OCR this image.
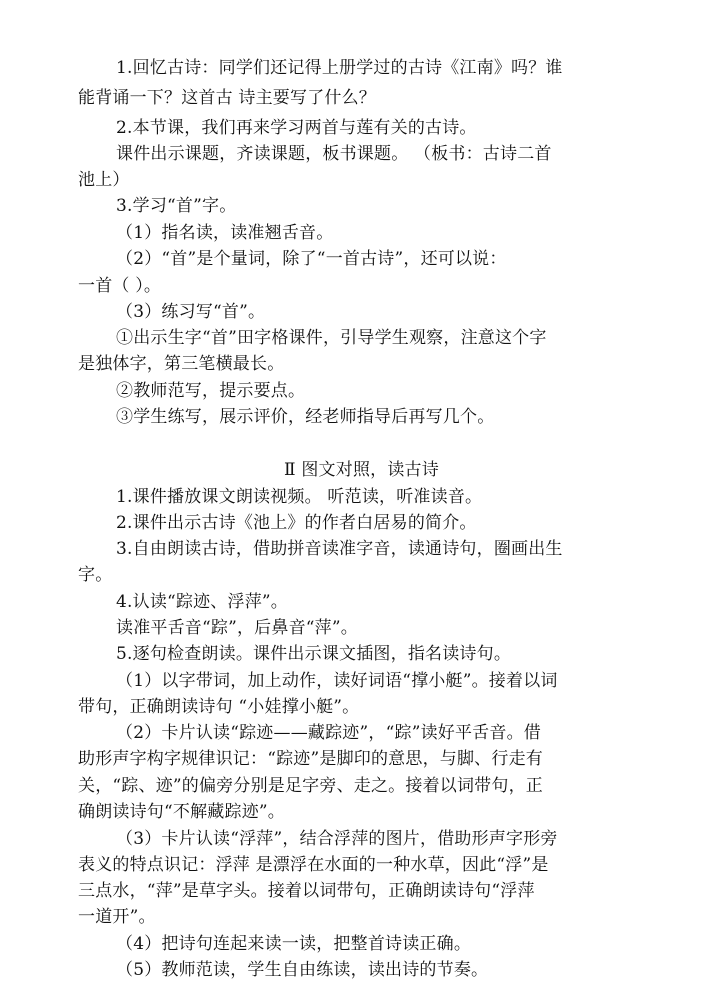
1.回忆古诗：同学们还记得上册学过的古诗《江南》吗？谁
能背诵一下？这首古 诗主要写了什么？
2.本节课，我们再来学习两首与莲有关的古诗。
课件出示课题，齐读课题，板书课题。 （板书：古诗二首
池上）
3.学习“首”字。
（1）指名读，读准翘舌音。
（2）“首”是个量词，除了“一首古诗”，还可以说：
一首（ ）。
（3）练习写“首”。
①出示生字“首”田字格课件，引导学生观察，注意这个字
是独体字，第三笔横最长。
②教师范写，提示要点。
③学生练写，展示评价，经老师指导后再写几个。
Ⅱ 图文对照，读古诗
1.课件播放课文朗读视频。 听范读，听准读音。
2.课件出示古诗《池上》的作者白居易的简介。
3.自由朗读古诗，借助拼音读准字音，读通诗句，圈画出生
字。
4.认读“踪迹、浮萍”。
读准平舌音“踪”，后鼻音“萍”。
5.逐句检查朗读。课件出示课文插图，指名读诗句。
（1）以字带词，加上动作，读好词语“撑小艇”。接着以词
带句，正确朗读诗句 “小娃撑小艇”。
（2）卡片认读“踪迹——藏踪迹”，“踪”读好平舌音。借
助形声字构字规律识记：“踪迹”是脚印的意思，与脚、行走有
关，“踪、迹”的偏旁分别是足字旁、走之。接着以词带句，正
确朗读诗句“不解藏踪迹”。
（3）卡片认读“浮萍”，结合浮萍的图片，借助形声字形旁
表义的特点识记：浮萍 是漂浮在水面的一种水草，因此“浮”是
三点水，“萍”是草字头。接着以词带句，正确朗读诗句“浮萍
一道开”。
（4）把诗句连起来读一读，把整首诗读正确。
（5）教师范读，学生自由练读，读出诗的节奏。
